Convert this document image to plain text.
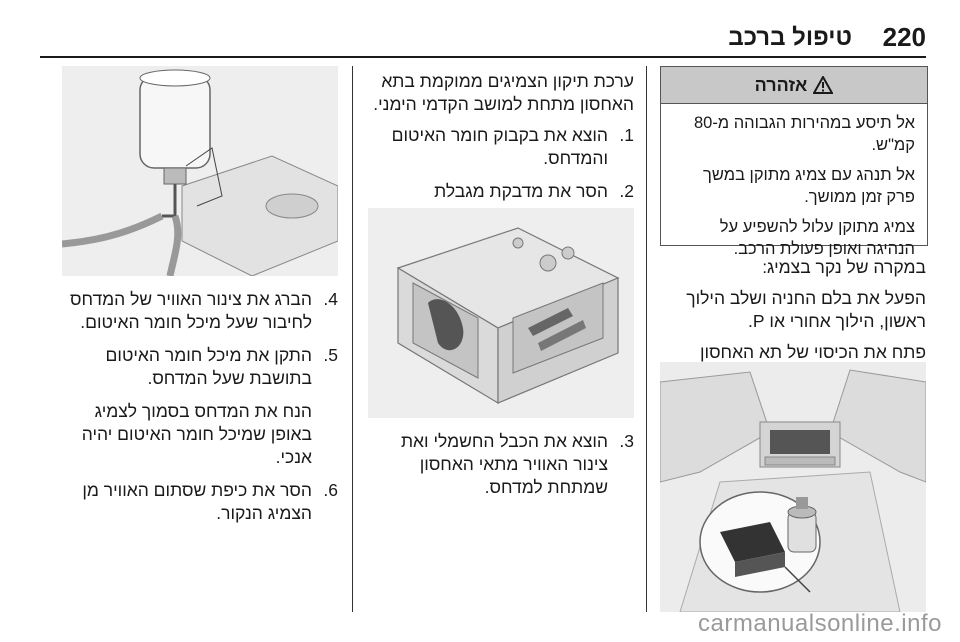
220
טיפול ברכב
אזהרה

אל תיסע במהירות הגבוהה מ-80 קמ"ש.

אל תנהג עם צמיג מתוקן במשך פרק זמן ממושך.

צמיג מתוקן עלול להשפיע על הנהיגה ואופן פעולת הרכב.

במקרה של נקר בצמיג:

הפעל את בלם החניה ושלב הילוך ראשון, הילוך אחורי או P.

פתח את הכיסוי של תא האחסון

ערכת תיקון הצמיגים ממוקמת בתא האחסון מתחת למושב הקדמי הימני.

1.
הוצא את בקבוק חומר האיטום והמדחס.
2.
הסר את מדבקת מגבלת
3.
הוצא את הכבל החשמלי ואת צינור האוויר מתאי האחסון שמתחת למדחס.
4.
הברג את צינור האוויר של המדחס לחיבור שעל מיכל חומר האיטום.
5.
התקן את מיכל חומר האיטום בתושבת שעל המדחס.
הנח את המדחס בסמוך לצמיג באופן שמיכל חומר האיטום יהיה אנכי.
6.
הסר את כיפת שסתום האוויר מן הצמיג הנקור.
carmanualsonline.info
